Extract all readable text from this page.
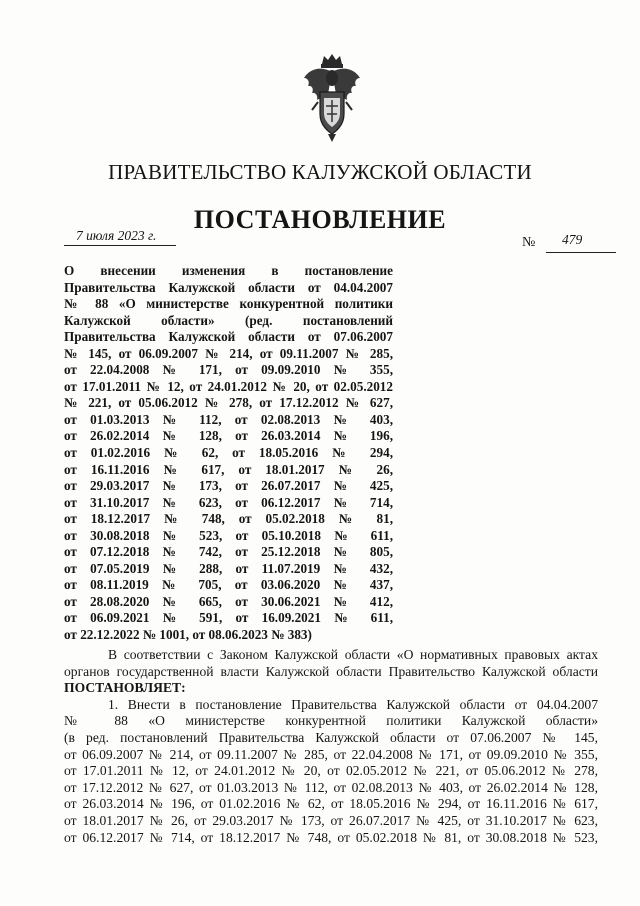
ПРАВИТЕЛЬСТВО КАЛУЖСКОЙ ОБЛАСТИ
ПОСТАНОВЛЕНИЕ
7 июля 2023 г.	№ 479
О внесении изменения в постановление
Правительства Калужской области от 04.04.2007
№ 88 «О министерстве конкурентной политики
Калужской области» (ред. постановлений
Правительства Калужской области от 07.06.2007
№ 145, от 06.09.2007 № 214, от 09.11.2007 № 285,
от 22.04.2008 № 171, от 09.09.2010 № 355,
от 17.01.2011 № 12, от 24.01.2012 № 20, от 02.05.2012
№ 221, от 05.06.2012 № 278, от 17.12.2012 № 627,
от 01.03.2013 № 112, от 02.08.2013 № 403,
от 26.02.2014 № 128, от 26.03.2014 № 196,
от 01.02.2016 № 62, от 18.05.2016 № 294,
от 16.11.2016 № 617, от 18.01.2017 № 26,
от 29.03.2017 № 173, от 26.07.2017 № 425,
от 31.10.2017 № 623, от 06.12.2017 № 714,
от 18.12.2017 № 748, от 05.02.2018 № 81,
от 30.08.2018 № 523, от 05.10.2018 № 611,
от 07.12.2018 № 742, от 25.12.2018 № 805,
от 07.05.2019 № 288, от 11.07.2019 № 432,
от 08.11.2019 № 705, от 03.06.2020 № 437,
от 28.08.2020 № 665, от 30.06.2021 № 412,
от 06.09.2021 № 591, от 16.09.2021 № 611,
от 22.12.2022 № 1001, от 08.06.2023 № 383)
В соответствии с Законом Калужской области «О нормативных правовых актах
органов государственной власти Калужской области Правительство Калужской области
ПОСТАНОВЛЯЕТ:
1. Внести в постановление Правительства Калужской области от 04.04.2007
№ 88 «О министерстве конкурентной политики Калужской области»
(в ред. постановлений Правительства Калужской области от 07.06.2007 № 145,
от 06.09.2007 № 214, от 09.11.2007 № 285, от 22.04.2008 № 171, от 09.09.2010 № 355,
от 17.01.2011 № 12, от 24.01.2012 № 20, от 02.05.2012 № 221, от 05.06.2012 № 278,
от 17.12.2012 № 627, от 01.03.2013 № 112, от 02.08.2013 № 403, от 26.02.2014 № 128,
от 26.03.2014 № 196, от 01.02.2016 № 62, от 18.05.2016 № 294, от 16.11.2016 № 617,
от 18.01.2017 № 26, от 29.03.2017 № 173, от 26.07.2017 № 425, от 31.10.2017 № 623,
от 06.12.2017 № 714, от 18.12.2017 № 748, от 05.02.2018 № 81, от 30.08.2018 № 523,
